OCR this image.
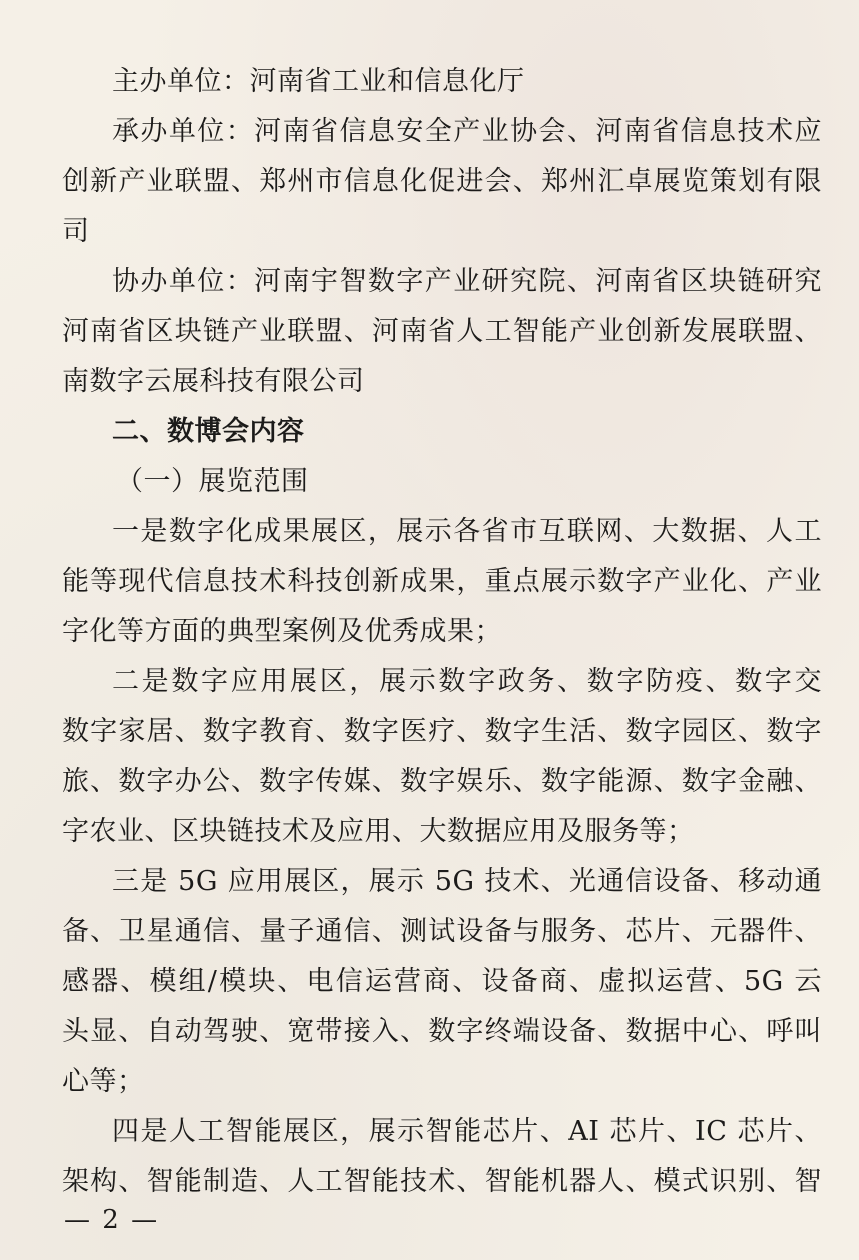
主办单位：河南省工业和信息化厅
承办单位：河南省信息安全产业协会、河南省信息技术应
创新产业联盟、郑州市信息化促进会、郑州汇卓展览策划有限
司
协办单位：河南宇智数字产业研究院、河南省区块链研究
河南省区块链产业联盟、河南省人工智能产业创新发展联盟、
南数字云展科技有限公司
二、数博会内容
（一）展览范围
一是数字化成果展区，展示各省市互联网、大数据、人工
能等现代信息技术科技创新成果，重点展示数字产业化、产业
字化等方面的典型案例及优秀成果；
二是数字应用展区，展示数字政务、数字防疫、数字交
数字家居、数字教育、数字医疗、数字生活、数字园区、数字
旅、数字办公、数字传媒、数字娱乐、数字能源、数字金融、
字农业、区块链技术及应用、大数据应用及服务等；
三是 5G 应用展区，展示 5G 技术、光通信设备、移动通
备、卫星通信、量子通信、测试设备与服务、芯片、元器件、
感器、模组/模块、电信运营商、设备商、虚拟运营、5G 云
头显、自动驾驶、宽带接入、数字终端设备、数据中心、呼叫
心等；
四是人工智能展区，展示智能芯片、AI 芯片、IC 芯片、
架构、智能制造、人工智能技术、智能机器人、模式识别、智
— 2 —
